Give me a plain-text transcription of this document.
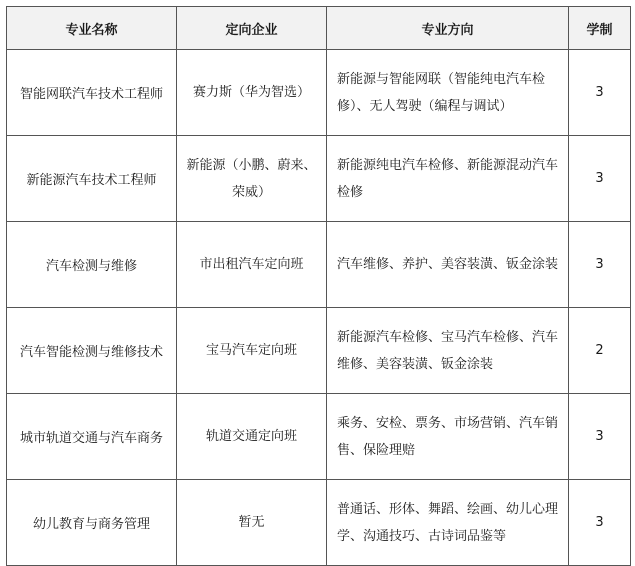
专业名称	定向企业	专业方向	学制
智能网联汽车技术工程师	赛力斯（华为智选）	新能源与智能网联（智能纯电汽车检修）、无人驾驶（编程与调试）	3
新能源汽车技术工程师	新能源（小鹏、蔚来、荣威）	新能源纯电汽车检修、新能源混动汽车检修	3
汽车检测与维修	市出租汽车定向班	汽车维修、养护、美容装潢、钣金涂装	3
汽车智能检测与维修技术	宝马汽车定向班	新能源汽车检修、宝马汽车检修、汽车维修、美容装潢、钣金涂装	2
城市轨道交通与汽车商务	轨道交通定向班	乘务、安检、票务、市场营销、汽车销售、保险理赔	3
幼儿教育与商务管理	暂无	普通话、形体、舞蹈、绘画、幼儿心理学、沟通技巧、古诗词品鉴等	3
